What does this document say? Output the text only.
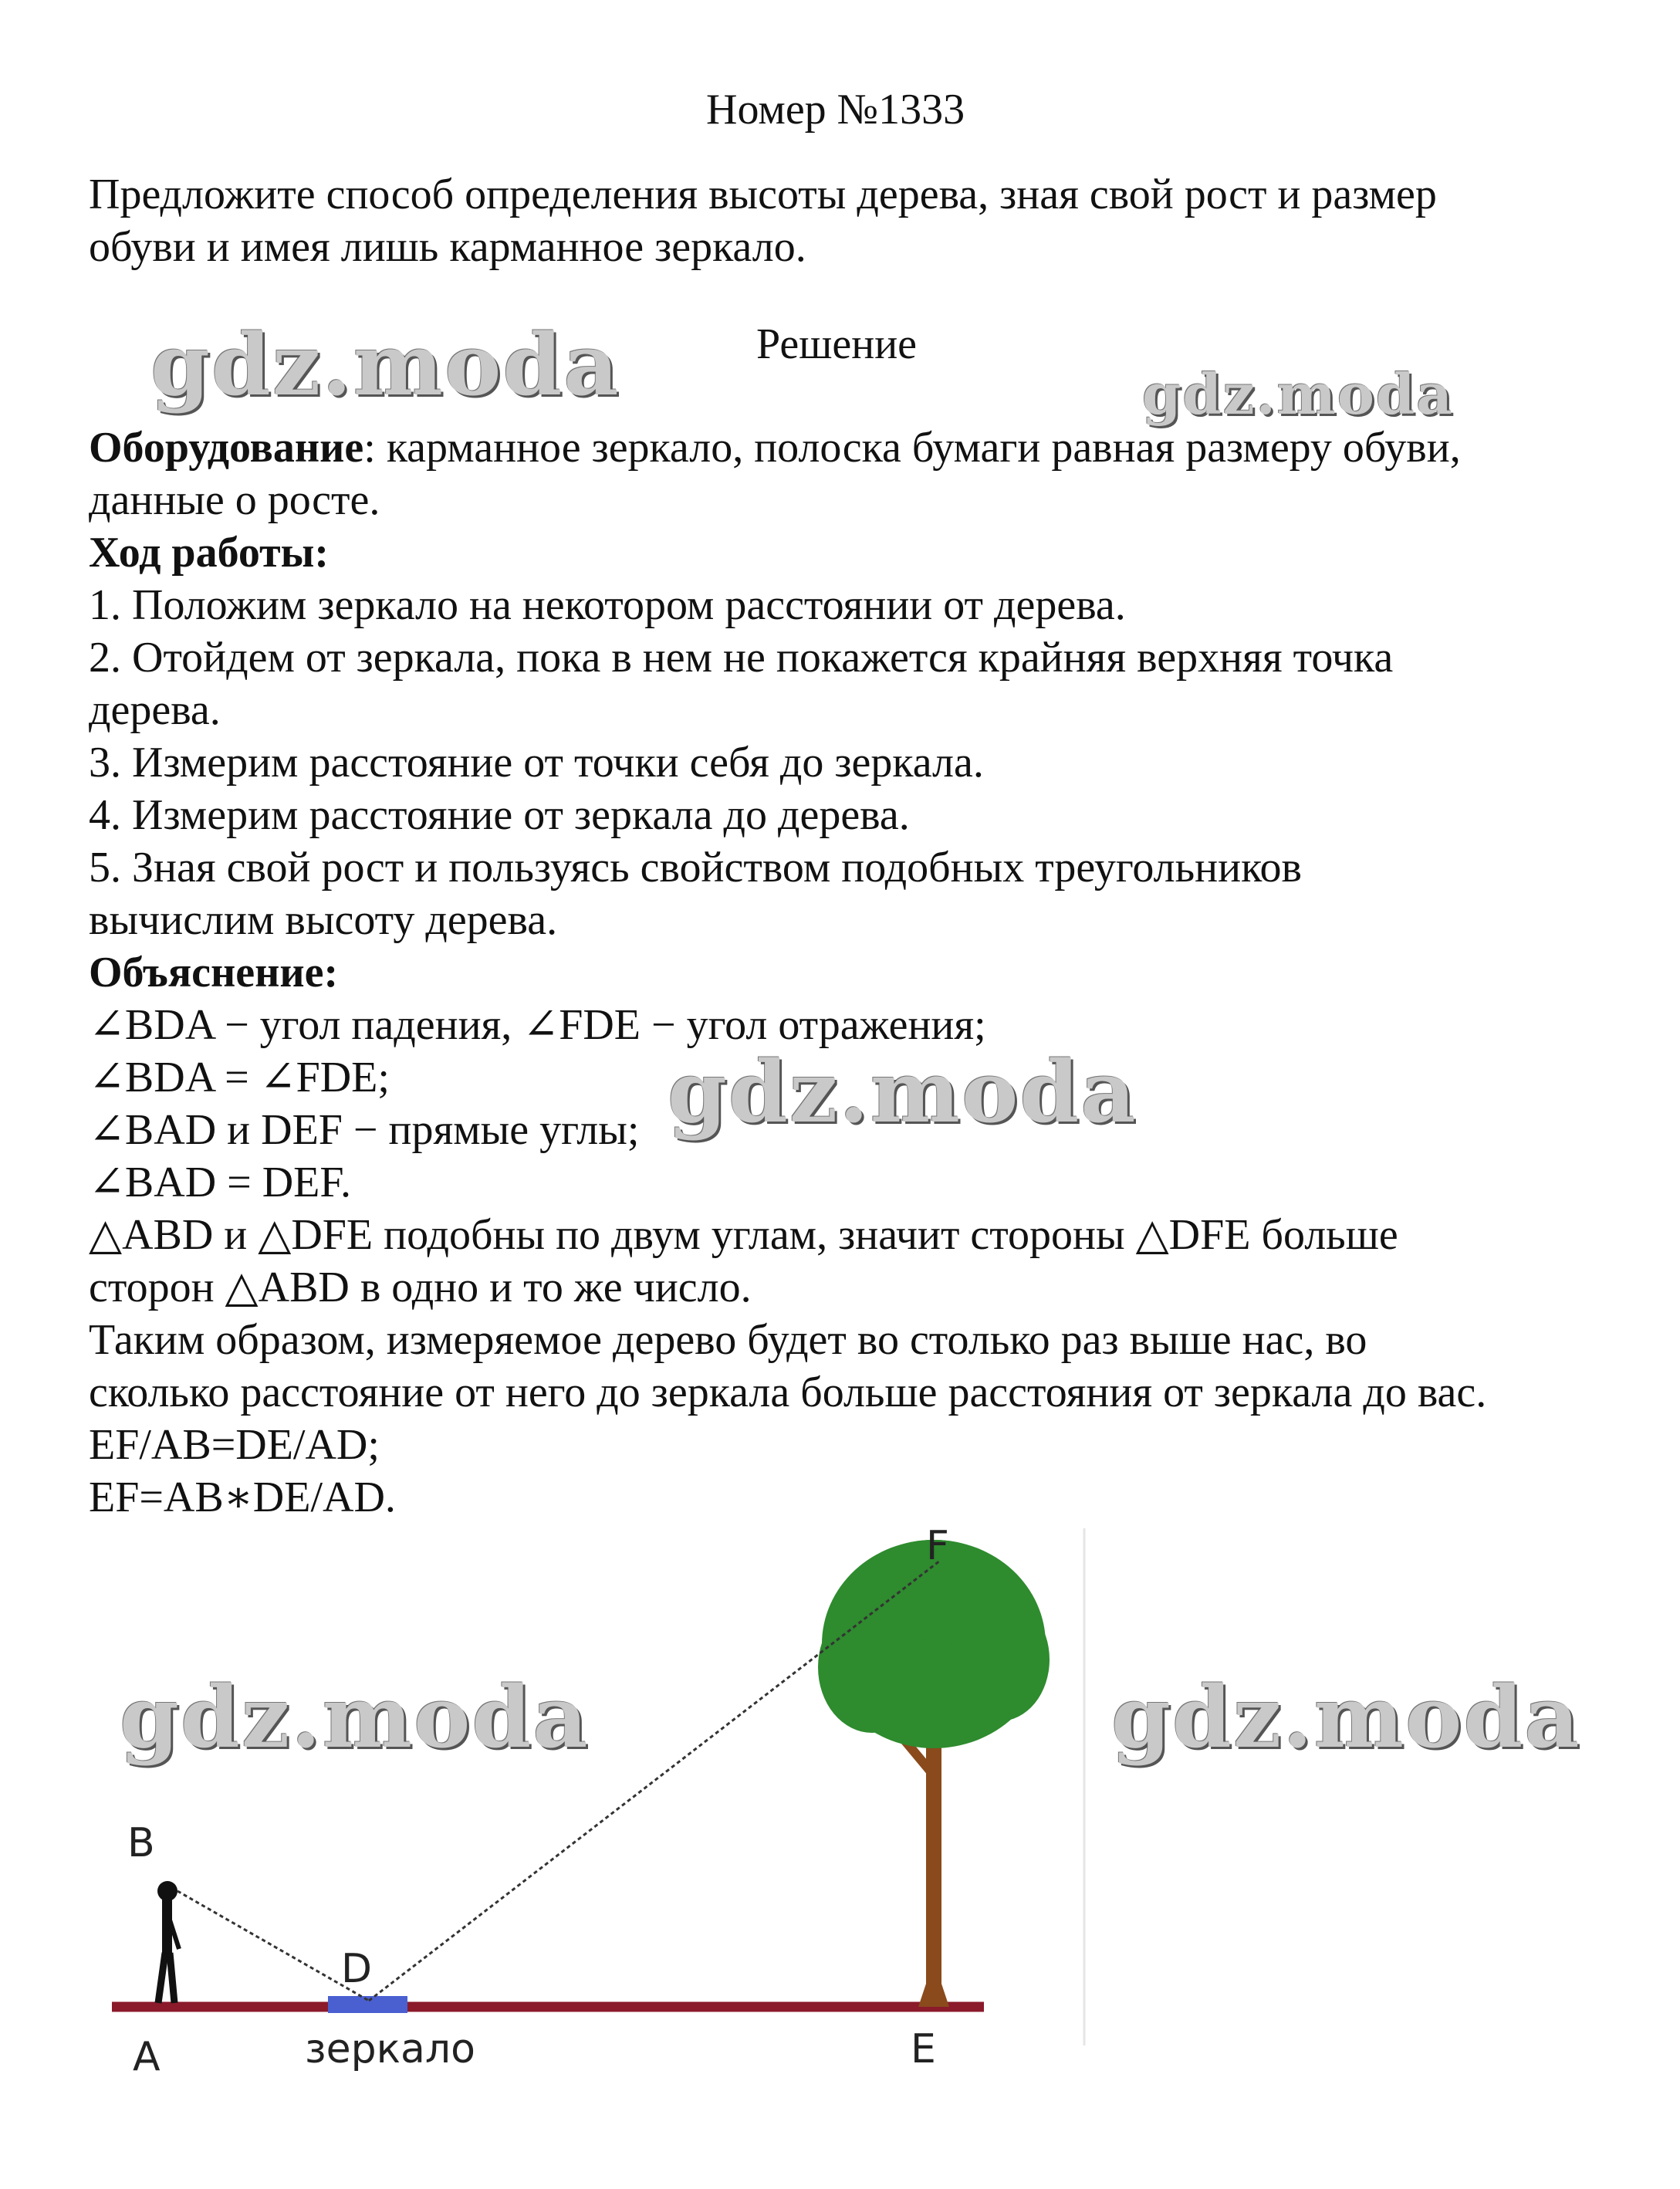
Номер №1333
Предложите способ определения высоты дерева, зная свой рост и размер
обуви и имея лишь карманное зеркало.
gdz.moda	gdz.moda
gdz.moda
gdz.moda	gdz.moda
Решение
Оборудование: карманное зеркало, полоска бумаги равная размеру обуви,
данные о росте.
Ход работы:
1. Положим зеркало на некотором расстоянии от дерева.
2. Отойдем от зеркала, пока в нем не покажется крайняя верхняя точка
дерева.
3. Измерим расстояние от точки себя до зеркала.
4. Измерим расстояние от зеркала до дерева.
5. Зная свой рост и пользуясь свойством подобных треугольников
вычислим высоту дерева.
Объяснение:
∠BDA − угол падения, ∠FDE − угол отражения;
∠BDA = ∠FDE;
∠BAD и DEF − прямые углы;
∠BAD = DEF.
△ABD и △DFE подобны по двум углам, значит стороны △DFE больше
сторон △ABD в одно и то же число.
Таким образом, измеряемое дерево будет во столько раз выше нас, во
сколько расстояние от него до зеркала больше расстояния от зеркала до вас.
EF/AB=DE/AD;
EF=AB∗DE/AD.
F
B
D
A	E
зеркало
